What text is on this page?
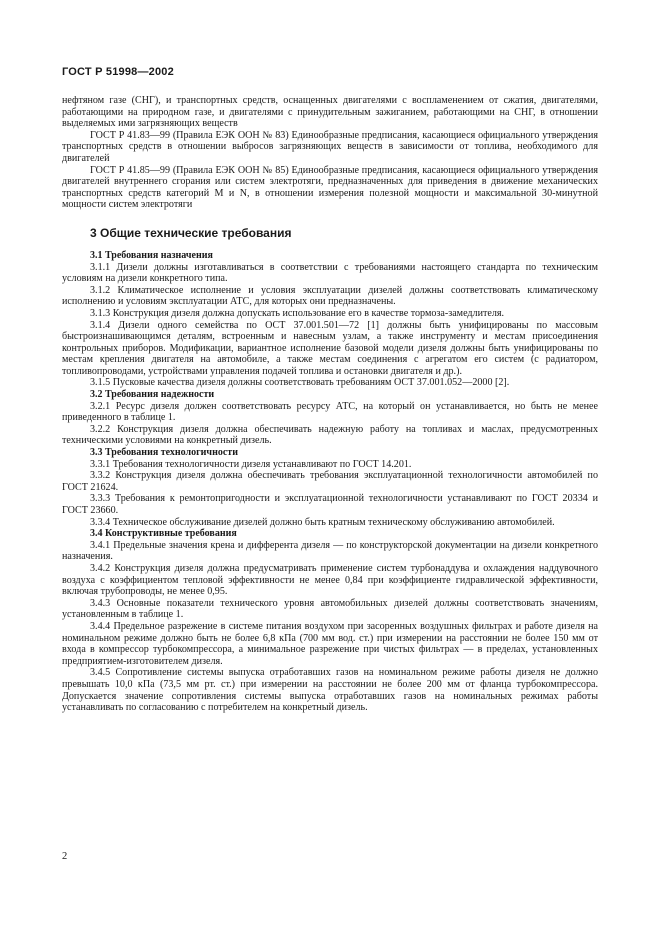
ГОСТ Р 51998—2002

нефтяном газе (СНГ), и транспортных средств, оснащенных двигателями с воспламенением от сжатия, двигателями, работающими на природном газе, и двигателями с принудительным зажиганием, работающими на СНГ, в отношении выделяемых ими загрязняющих веществ

ГОСТ Р 41.83—99 (Правила ЕЭК ООН № 83) Единообразные предписания, касающиеся официального утверждения транспортных средств в отношении выбросов загрязняющих веществ в зависимости от топлива, необходимого для двигателей

ГОСТ Р 41.85—99 (Правила ЕЭК ООН № 85) Единообразные предписания, касающиеся официального утверждения двигателей внутреннего сгорания или систем электротяги, предназначенных для приведения в движение механических транспортных средств категорий М и N, в отношении измерения полезной мощности и максимальной 30-минутной мощности систем электротяги

3 Общие технические требования

3.1 Требования назначения

3.1.1 Дизели должны изготавливаться в соответствии с требованиями настоящего стандарта по техническим условиям на дизели конкретного типа.

3.1.2 Климатическое исполнение и условия эксплуатации дизелей должны соответствовать климатическому исполнению и условиям эксплуатации АТС, для которых они предназначены.

3.1.3 Конструкция дизеля должна допускать использование его в качестве тормоза-замедлителя.

3.1.4 Дизели одного семейства по ОСТ 37.001.501—72 [1] должны быть унифицированы по массовым быстроизнашивающимся деталям, встроенным и навесным узлам, а также инструменту и местам присоединения контрольных приборов. Модификации, вариантное исполнение базовой модели дизеля должны быть унифицированы по местам крепления двигателя на автомобиле, а также местам соединения с агрегатом его систем (с радиатором, топливопроводами, устройствами управления подачей топлива и остановки двигателя и др.).

3.1.5 Пусковые качества дизеля должны соответствовать требованиям ОСТ 37.001.052—2000 [2].

3.2 Требования надежности

3.2.1 Ресурс дизеля должен соответствовать ресурсу АТС, на который он устанавливается, но быть не менее приведенного в таблице 1.

3.2.2 Конструкция дизеля должна обеспечивать надежную работу на топливах и маслах, предусмотренных техническими условиями на конкретный дизель.

3.3 Требования технологичности

3.3.1 Требования технологичности дизеля устанавливают по ГОСТ 14.201.

3.3.2 Конструкция дизеля должна обеспечивать требования эксплуатационной технологичности автомобилей по ГОСТ 21624.

3.3.3 Требования к ремонтопригодности и эксплуатационной технологичности устанавливают по ГОСТ 20334 и ГОСТ 23660.

3.3.4 Техническое обслуживание дизелей должно быть кратным техническому обслуживанию автомобилей.

3.4 Конструктивные требования

3.4.1 Предельные значения крена и дифферента дизеля — по конструкторской документации на дизели конкретного назначения.

3.4.2 Конструкция дизеля должна предусматривать применение систем турбонаддува и охлаждения наддувочного воздуха с коэффициентом тепловой эффективности не менее 0,84 при коэффициенте гидравлической эффективности, включая трубопроводы, не менее 0,95.

3.4.3 Основные показатели технического уровня автомобильных дизелей должны соответствовать значениям, установленным в таблице 1.

3.4.4 Предельное разрежение в системе питания воздухом при засоренных воздушных фильтрах и работе дизеля на номинальном режиме должно быть не более 6,8 кПа (700 мм вод. ст.) при измерении на расстоянии не более 150 мм от входа в компрессор турбокомпрессора, а минимальное разрежение при чистых фильтрах — в пределах, установленных предприятием-изготовителем дизеля.

3.4.5 Сопротивление системы выпуска отработавших газов на номинальном режиме работы дизеля не должно превышать 10,0 кПа (73,5 мм рт. ст.) при измерении на расстоянии не более 200 мм от фланца турбокомпрессора. Допускается значение сопротивления системы выпуска отработавших газов на номинальных режимах работы устанавливать по согласованию с потребителем на конкретный дизель.

2
